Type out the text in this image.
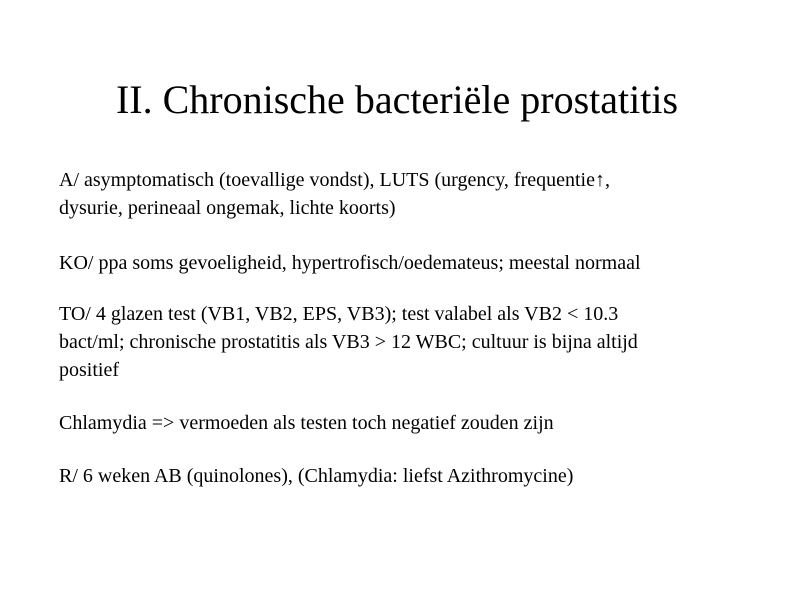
II. Chronische bacteriële prostatitis

A/ asymptomatisch (toevallige vondst), LUTS (urgency, frequentie↑,
dysurie, perineaal ongemak, lichte koorts)

KO/ ppa soms gevoeligheid, hypertrofisch/oedemateus; meestal normaal

TO/ 4 glazen test (VB1, VB2, EPS, VB3); test valabel als VB2 < 10.3
bact/ml; chronische prostatitis als VB3 > 12 WBC; cultuur is bijna altijd
positief

Chlamydia => vermoeden als testen toch negatief zouden zijn

R/ 6 weken AB (quinolones), (Chlamydia: liefst Azithromycine)
